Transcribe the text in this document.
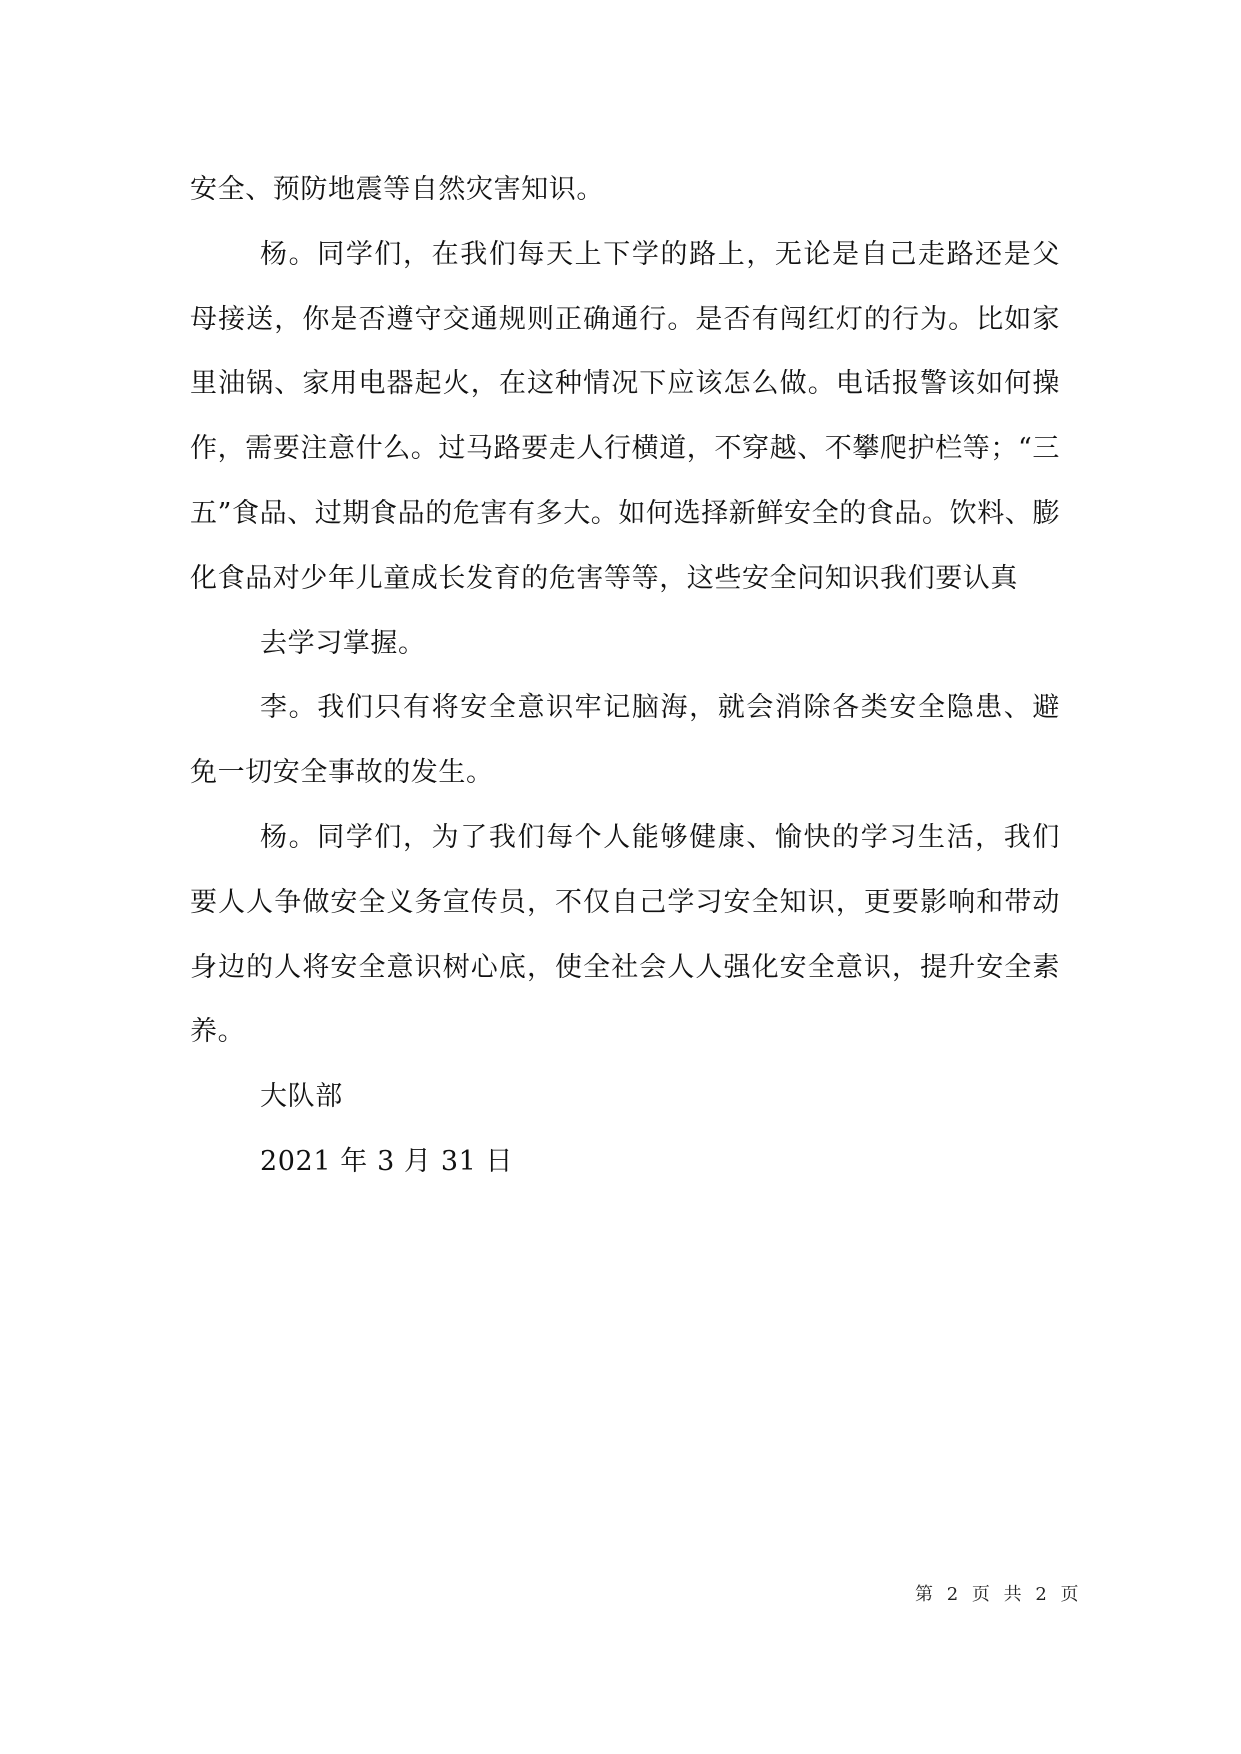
安全、预防地震等自然灾害知识。

杨。同学们，在我们每天上下学的路上，无论是自己走路还是父母接送，你是否遵守交通规则正确通行。是否有闯红灯的行为。比如家里油锅、家用电器起火，在这种情况下应该怎么做。电话报警该如何操作，需要注意什么。过马路要走人行横道，不穿越、不攀爬护栏等；“三五”食品、过期食品的危害有多大。如何选择新鲜安全的食品。饮料、膨化食品对少年儿童成长发育的危害等等，这些安全问知识我们要认真

去学习掌握。

李。我们只有将安全意识牢记脑海，就会消除各类安全隐患、避免一切安全事故的发生。

杨。同学们，为了我们每个人能够健康、愉快的学习生活，我们要人人争做安全义务宣传员，不仅自己学习安全知识，更要影响和带动身边的人将安全意识树心底，使全社会人人强化安全意识，提升安全素养。

大队部

2021 年 3 月 31 日

第 2 页 共 2 页
